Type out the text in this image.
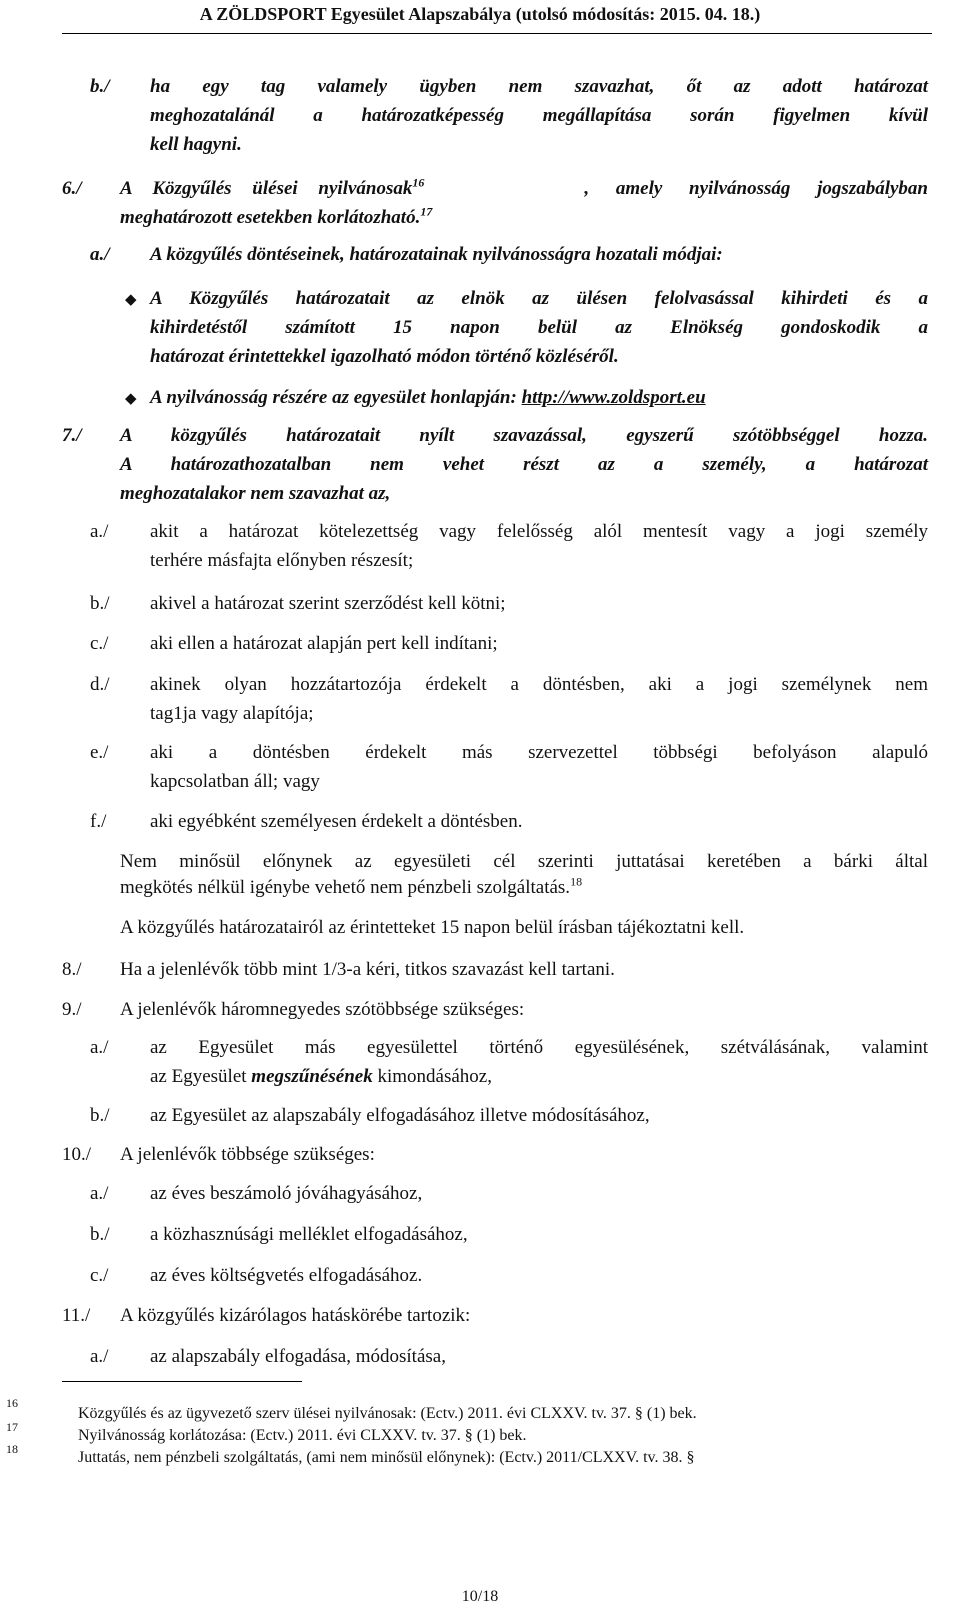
A ZÖLDSPORT Egyesület Alapszabálya (utolsó módosítás: 2015. 04. 18.)
b./ ha egy tag valamely ügyben nem szavazhat, őt az adott határozat
meghozatalánál a határozatképesség megállapítása során figyelmen kívül
kell hagyni.
6./ A Közgyűlés ülései nyilvánosak$^{16}$	, amely nyilvánosság jogszabályban
meghatározott esetekben korlátozható.$^{17}$
a./ A közgyűlés döntéseinek, határozatainak nyilvánosságra hozatali módjai:
◆ A Közgyűlés határozatait az elnök az ülésen felolvasással kihirdeti és a
kihirdetéstől számított 15 napon belül az Elnökség gondoskodik a
határozat érintettekkel igazolható módon történő közléséről.
◆ A nyilvánosság részére az egyesület honlapján: http://www.zoldsport.eu
7./ A közgyűlés határozatait nyílt szavazással, egyszerű szótöbbséggel hozza.
A határozathozatalban nem vehet részt az a személy, a határozat
meghozatalakor nem szavazhat az,
a./ akit a határozat kötelezettség vagy felelősség alól mentesít vagy a jogi személy
terhére másfajta előnyben részesít;
b./ akivel a határozat szerint szerződést kell kötni;
c./ aki ellen a határozat alapján pert kell indítani;
d./ akinek olyan hozzátartozója érdekelt a döntésben, aki a jogi személynek nem
tag1ja vagy alapítója;
e./ aki a döntésben érdekelt más szervezettel többségi befolyáson alapuló
kapcsolatban áll; vagy
f./ aki egyébként személyesen érdekelt a döntésben.
Nem minősül előnynek az egyesületi cél szerinti juttatásai keretében a bárki által
megkötés nélkül igénybe vehető nem pénzbeli szolgáltatás.$^{18}$
A közgyűlés határozatairól az érintetteket 15 napon belül írásban tájékoztatni kell.
8./ Ha a jelenlévők több mint 1/3-a kéri, titkos szavazást kell tartani.
9./ A jelenlévők háromnegyedes szótöbbsége szükséges:
a./ az Egyesület más egyesülettel történő egyesülésének, szétválásának, valamint
az Egyesület megszűnésének kimondásához,
b./ az Egyesület az alapszabály elfogadásához illetve módosításához,
10./ A jelenlévők többsége szükséges:
a./ az éves beszámoló jóváhagyásához,
b./ a közhasznúsági melléklet elfogadásához,
c./ az éves költségvetés elfogadásához.
11./ A közgyűlés kizárólagos hatáskörébe tartozik:
a./ az alapszabály elfogadása, módosítása,
16
Közgyűlés és az ügyvezető szerv ülései nyilvánosak: (Ectv.) 2011. évi CLXXV. tv. 37. § (1) bek.
17	Nyilvánosság korlátozása: (Ectv.) 2011. évi CLXXV. tv. 37. § (1) bek.
18	Juttatás, nem pénzbeli szolgáltatás, (ami nem minősül előnynek): (Ectv.) 2011/CLXXV. tv. 38. §
10/18
